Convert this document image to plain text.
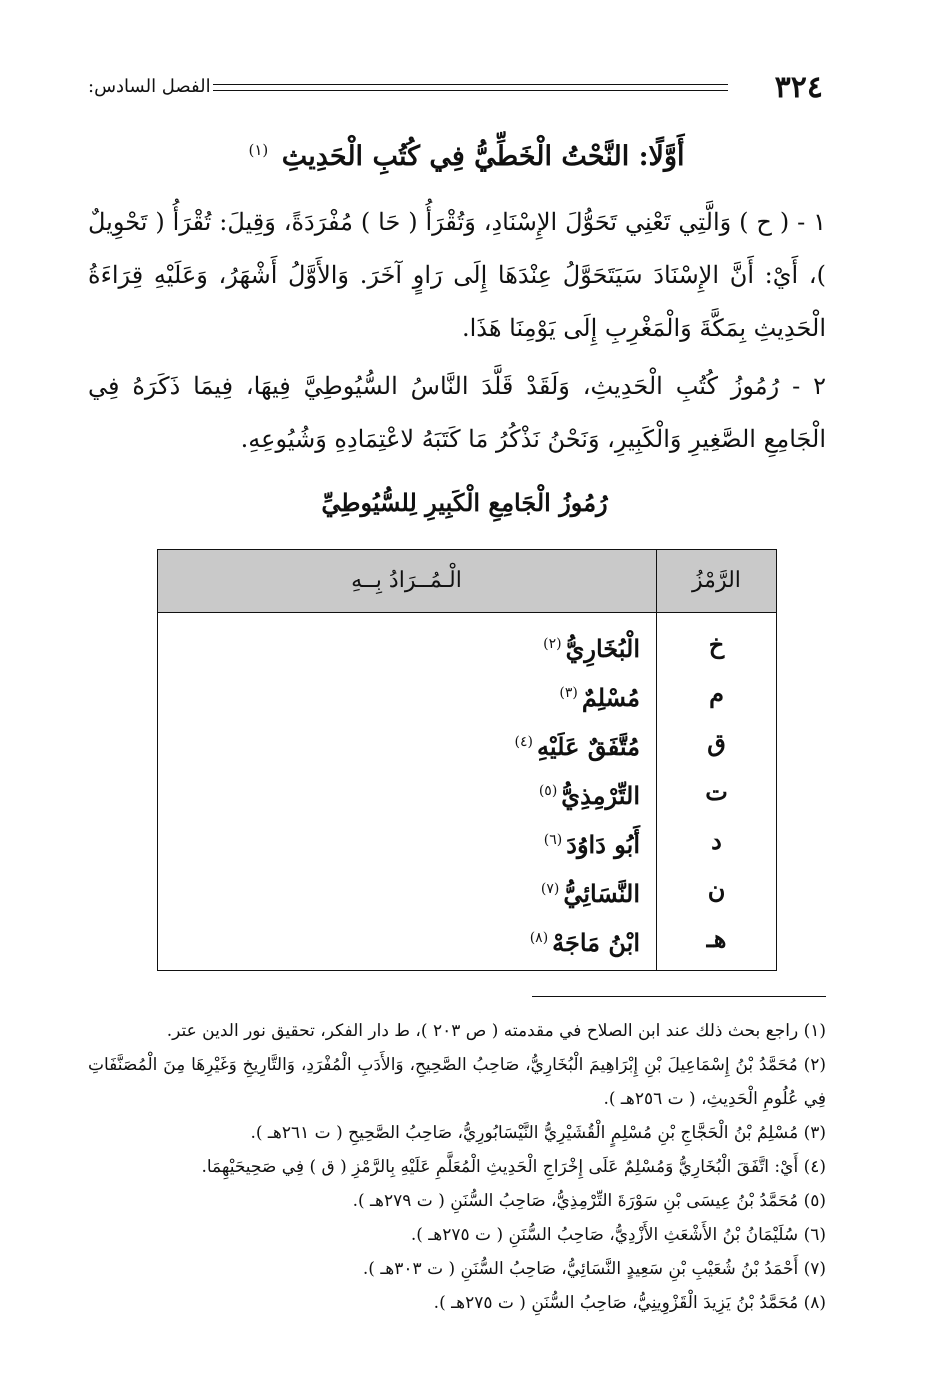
٣٢٤
الفصل السادس:
أَوَّلًا: النَّحْتُ الْخَطِّيُّ فِي كُتُبِ الْحَدِيثِ $^{(١)}$

١ - ( ح ) وَالَّتِي تَعْنِي تَحَوُّلَ الإِسْنَادِ، وَتُقْرَأُ ( حَا ) مُفْرَدَةً، وَقِيلَ: تُقْرَأُ ( تَحْوِيلٌ )، أَيْ: أَنَّ الإِسْنَادَ سَيَتَحَوَّلُ عِنْدَهَا إِلَى رَاوٍ آخَرَ. وَالأَوَّلُ أَشْهَرُ، وَعَلَيْهِ قِرَاءَةُ الْحَدِيثِ بِمَكَّةَ وَالْمَغْرِبِ إِلَى يَوْمِنَا هَذَا.

٢ - رُمُوزُ كُتُبِ الْحَدِيثِ، وَلَقَدْ قَلَّدَ النَّاسُ السُّيُوطِيَّ فِيهَا، فِيمَا ذَكَرَهُ فِي الْجَامِعِ الصَّغِيرِ وَالْكَبِيرِ، وَنَحْنُ نَذْكُرُ مَا كَتَبَهُ لاعْتِمَادِهِ وَشُيُوعِهِ.

رُمُوزُ الْجَامِعِ الْكَبِيرِ لِلسُّيُوطِيِّ
الرَّمْزُ
الْـمُــرَادُ بِــهِ
خ
الْبُخَارِيُّ$^{(٢)}$
م
مُسْلِمٌ$^{(٣)}$
ق
مُتَّفَقٌ عَلَيْهِ$^{(٤)}$
ت
التِّرْمِذِيُّ$^{(٥)}$
د
أَبُو دَاوُدَ$^{(٦)}$
ن
النَّسَائِيُّ$^{(٧)}$
هـ
ابْنُ مَاجَهْ$^{(٨)}$

(١) راجع بحث ذلك عند ابن الصلاح في مقدمته ( ص ٢٠٣ )، ط دار الفكر، تحقيق نور الدين عتر.

(٢) مُحَمَّدُ بْنُ إِسْمَاعِيلَ بْنِ إِبْرَاهِيمَ الْبُخَارِيُّ، صَاحِبُ الصَّحِيحِ، وَالأَدَبِ الْمُفْرَدِ، وَالتَّارِيخِ وَغَيْرِهَا مِنَ الْمُصَنَّفَاتِ فِي عُلُومِ الْحَدِيثِ، ( ت ٢٥٦هـ ).

(٣) مُسْلِمُ بْنُ الْحَجَّاجِ بْنِ مُسْلِمٍ الْقُشَيْرِيُّ النَّيْسَابُورِيُّ، صَاحِبُ الصَّحِيحِ ( ت ٢٦١هـ ).

(٤) أَيْ: اتَّفَقَ الْبُخَارِيُّ وَمُسْلِمٌ عَلَى إِخْرَاجِ الْحَدِيثِ الْمُعَلَّمِ عَلَيْهِ بِالرَّمْزِ ( ق ) فِي صَحِيحَيْهِمَا.

(٥) مُحَمَّدُ بْنُ عِيسَى بْنِ سَوْرَةَ التِّرْمِذِيُّ، صَاحِبُ السُّنَنِ ( ت ٢٧٩هـ ).

(٦) سُلَيْمَانُ بْنُ الأَشْعَثِ الأَزْدِيُّ، صَاحِبُ السُّنَنِ ( ت ٢٧٥هـ ).

(٧) أَحْمَدُ بْنُ شُعَيْبِ بْنِ سَعِيدٍ النَّسَائِيُّ، صَاحِبُ السُّنَنِ ( ت ٣٠٣هـ ).

(٨) مُحَمَّدُ بْنُ يَزِيدَ الْقَزْوِينِيُّ، صَاحِبُ السُّنَنِ ( ت ٢٧٥هـ ).
